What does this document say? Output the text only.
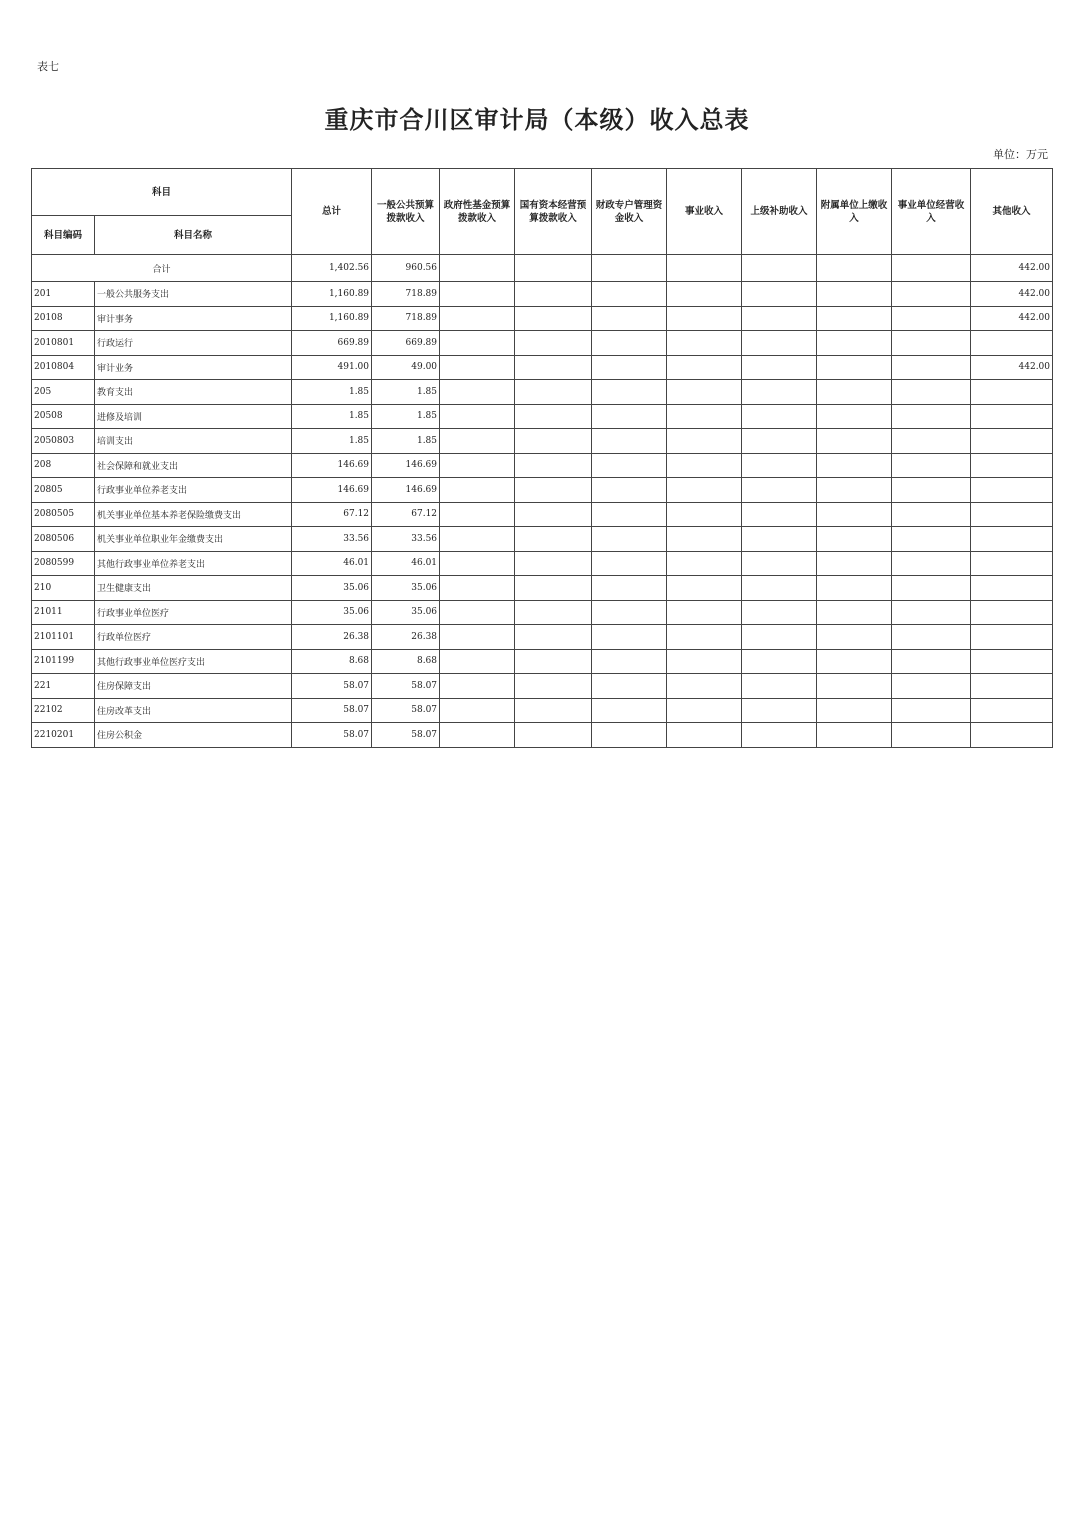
表七
重庆市合川区审计局（本级）收入总表
单位：万元
科目		总计	一般公共预算拨款收入	政府性基金预算拨款收入	国有资本经营预算拨款收入	财政专户管理资金收入	事业收入	上级补助收入	附属单位上缴收入	事业单位经营收入	其他收入
科目编码	科目名称										
合计		1,402.56	960.56								442.00
201	一般公共服务支出	1,160.89	718.89								442.00
20108	审计事务	1,160.89	718.89								442.00
2010801	行政运行	669.89	669.89								
2010804	审计业务	491.00	49.00								442.00
205	教育支出	1.85	1.85								
20508	进修及培训	1.85	1.85								
2050803	培训支出	1.85	1.85								
208	社会保障和就业支出	146.69	146.69								
20805	行政事业单位养老支出	146.69	146.69								
2080505	机关事业单位基本养老保险缴费支出	67.12	67.12								
2080506	机关事业单位职业年金缴费支出	33.56	33.56								
2080599	其他行政事业单位养老支出	46.01	46.01								
210	卫生健康支出	35.06	35.06								
21011	行政事业单位医疗	35.06	35.06								
2101101	行政单位医疗	26.38	26.38								
2101199	其他行政事业单位医疗支出	8.68	8.68								
221	住房保障支出	58.07	58.07								
22102	住房改革支出	58.07	58.07								
2210201	住房公积金	58.07	58.07								
